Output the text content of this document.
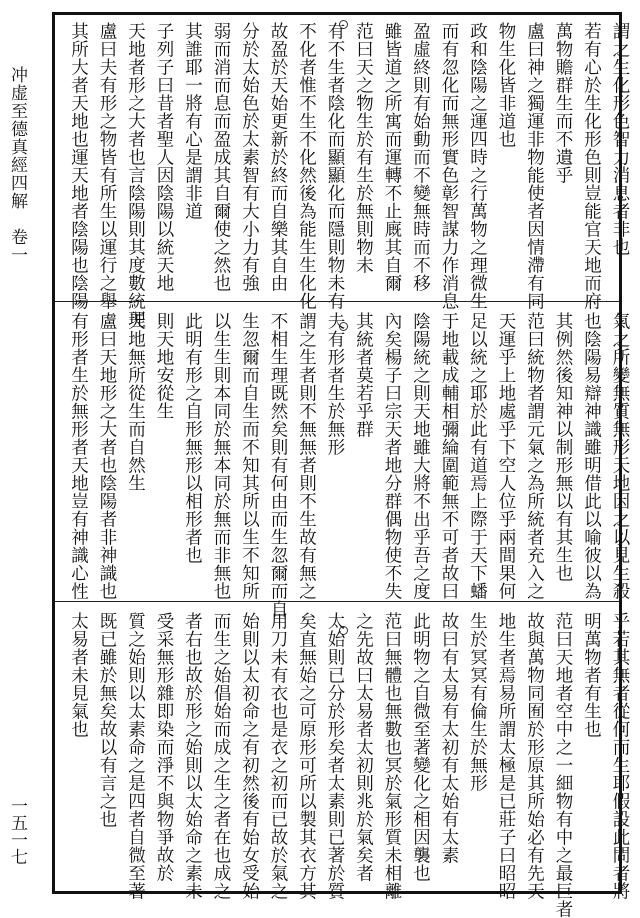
冲虚至德真經四解　卷一
一五一七
謂之生化形色智力消息者非也
若有心於生化形色則豈能官天地而府
萬物贍群生而不遺乎
盧曰神之獨運非物能使者因情滯有同
物生化皆非道也
政和陰陽之運四時之行萬物之理微生
而有忽化而無形實色彰智謀力作消息
盈虛終則有始動而不變無時而不移
雖皆道之所寓而運轉不止廐其自爾
范曰天之物生於有生於無則物未
有不生者陰化而顯顯化而隱則物未有
不化者惟不生不化然後為能生生化化
故盈於天始更新於終而自樂其自由
分於太始色於太素智有大小力有強
弱而消而息而盈成其自爾使之然也
其誰耶一將有心是謂非道
子列子曰昔者聖人因陰陽以統天地
天地者形之大者也言陰陽則其度數統理
盧曰夫有形之物皆有所生以運行之舉
其所大者天地也運天地者陰陽也陰陽
氣之所變無質無形天地因之以見生殺
也陰陽易辯神識雖明借此以喻彼以為
其例然後知神以制形無以有其生也
范曰統物者謂元氣之為所統者充入之
天運乎上地處乎下空人位乎兩間果何
足以統之耶於此有道焉上際于天下蟠
于地載成輔相彌綸圍範無不可者故曰
陰陽統之則天地雖大將不出乎吾之度
內矣楊子曰宗天者地分群偶物使不失
其統者莫若乎群
夫有形者生於無形
謂之生者則不無無者則不生故有無之
不相生理既然矣則有何由而生忽爾而自
生忽爾而自生而不知其所以生不知所
以生生則本同於無本同於無而非無也
此明有形之自形無形以相形者也
則天地安從生
天地無所從生而自然生
盧曰天地形之大者也陰陽者非神識也
有形者生於無形者天地豈有神識心性
乎若其無者從何而生耶假設此問者將
明萬物者有生也
范曰天地者空中之一細物有中之最巨者
故與萬物同囿於形原其所始必有先天
地生者焉易所謂太極是已莊子曰昭昭
生於冥冥有倫生於無形
故曰有太易有太初有太始有太素
此明物之自微至著變化之相因襲也
范曰無體也無數也冥於氣形質未相離
之先故曰太易者太初則兆於氣矣者
太始則已分於形矣者太素則已著於質
矣直無始之可原形可所以製其衣方其
用刀未有衣也是衣之初而已故於氣之
始則以太初命之有初然後有始女受始
而生之始倡始而成之生之者在也成之
者右也故於形之始則以太始命之素未
受采無形雜即染而淨不與物爭故於
質之始則以太素命之是四者自微至著
既已雖於無矣故以有言之也
太易者未見氣也
